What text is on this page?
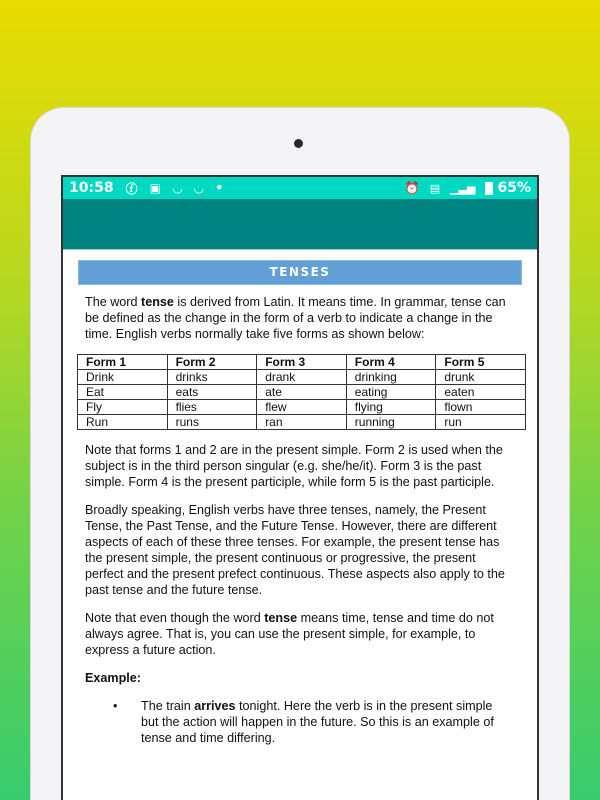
10:58 ⓕ ▣ ◡ ◡ •	⏰ ▤ ▁▃▅ 65%
TENSES

The word tense is derived from Latin. It means time. In grammar, tense can be defined as the change in the form of a verb to indicate a change in the time. English verbs normally take five forms as shown below:

Form 1	Form 2	Form 3	Form 4	Form 5
Drink	drinks	drank	drinking	drunk
Eat	eats	ate	eating	eaten
Fly	flies	flew	flying	flown
Run	runs	ran	running	run

Note that forms 1 and 2 are in the present simple. Form 2 is used when the subject is in the third person singular (e.g. she/he/it). Form 3 is the past simple. Form 4 is the present participle, while form 5 is the past participle.

Broadly speaking, English verbs have three tenses, namely, the Present Tense, the Past Tense, and the Future Tense. However, there are different aspects of each of these three tenses. For example, the present tense has the present simple, the present continuous or progressive, the present perfect and the present prefect continuous. These aspects also apply to the past tense and the future tense.

Note that even though the word tense means time, tense and time do not always agree. That is, you can use the present simple, for example, to express a future action.

Example:

• The train arrives tonight. Here the verb is in the present simple but the action will happen in the future. So this is an example of tense and time differing.
